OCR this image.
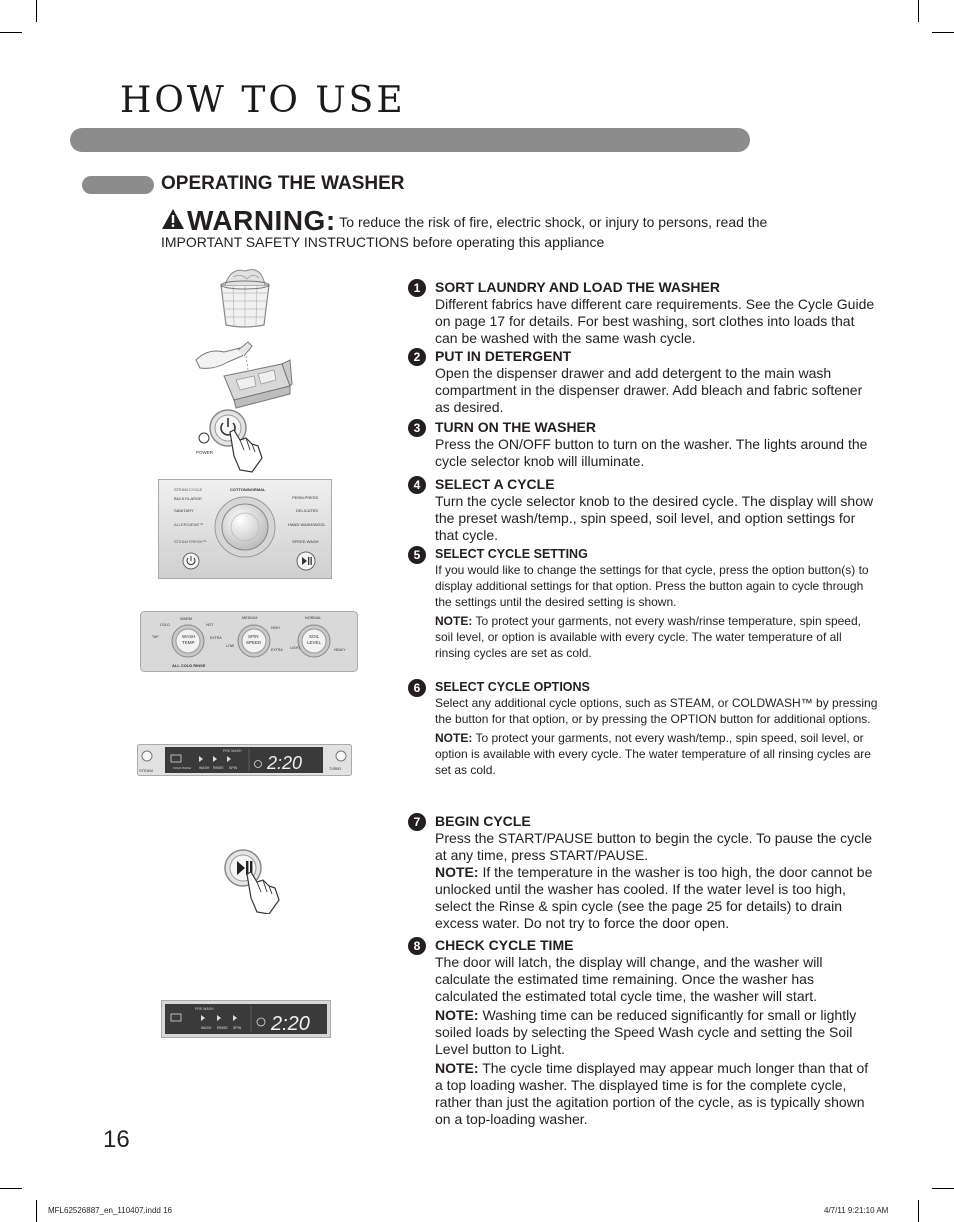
HOW TO USE
OPERATING THE WASHER
WARNING: To reduce the risk of fire, electric shock, or injury to persons, read the
IMPORTANT SAFETY INSTRUCTIONS before operating this appliance
1	SORT LAUNDRY AND LOAD THE WASHER
Different fabrics have different care requirements. See the Cycle Guide on page 17 for details. For best washing, sort clothes into loads that can be washed with the same wash cycle.
2	PUT IN DETERGENT
Open the dispenser drawer and add detergent to the main wash compartment in the dispenser drawer. Add bleach and fabric softener as desired.
3	TURN ON THE WASHER
Press the ON/OFF button to turn on the washer. The lights around the cycle selector knob will illuminate.
4	SELECT A CYCLE
Turn the cycle selector knob to the desired cycle. The display will show the preset wash/temp., spin speed, soil level, and option settings for that cycle.
5	SELECT CYCLE SETTING
If you would like to change the settings for that cycle, press the option button(s) to display additional settings for that option. Press the button again to cycle through the settings until the desired setting is shown.
NOTE: To protect your garments, not every wash/rinse temperature, spin speed, soil level, or option is available with every cycle. The water temperature of all rinsing cycles are set as cold.
6	SELECT CYCLE OPTIONS
Select any additional cycle options, such as STEAM, or COLDWASH™ by pressing the button for that option, or by pressing the OPTION button for additional options.
NOTE: To protect your garments, not every wash/temp., spin speed, soil level, or option is available with every cycle. The water temperature of all rinsing cycles are set as cold.
7	BEGIN CYCLE
Press the START/PAUSE button to begin the cycle. To pause the cycle at any time, press START/PAUSE.
NOTE: If the temperature in the washer is too high, the door cannot be unlocked until the washer has cooled. If the water level is too high, select the Rinse & spin cycle (see the page 25 for details) to drain excess water. Do not try to force the door open.
8	CHECK CYCLE TIME
The door will latch, the display will change, and the washer will calculate the estimated time remaining. Once the washer has calculated the estimated total cycle time, the washer will start.
NOTE: Washing time can be reduced significantly for small or lightly soiled loads by selecting the Speed Wash cycle and setting the Soil Level button to Light.
NOTE: The cycle time displayed may appear much longer than that of a top loading washer. The displayed time is for the complete cycle, rather than just the agitation portion of the cycle, as is typically shown on a top-loading washer.
POWER
STEAM CYCLE	COTTON/NORMAL
BULKY/LARGE	PERM.PRESS
SANITARY	DELICATES
ALLERGIENE™	HAND WASH/WOOL
STEAM FRESH™	SPEED WASH
WASH
TEMP.
SPIN
SPEED
SOIL
LEVEL
WARM
HOT
COLD
TAP	EXTRA
MEDIUM
HIGH
LOW
EXTRA
NORMAL
LIGHT	HEAVY
ALL COLD RINSE
STEAM	TURBO
PRE WASH
WASH RINSE SPIN
COLD WASH	2:20
PRE WASH
WASH RINSE SPIN 2:20
16
MFL62526887_en_110407.indd 16	4/7/11 9:21:10 AM
